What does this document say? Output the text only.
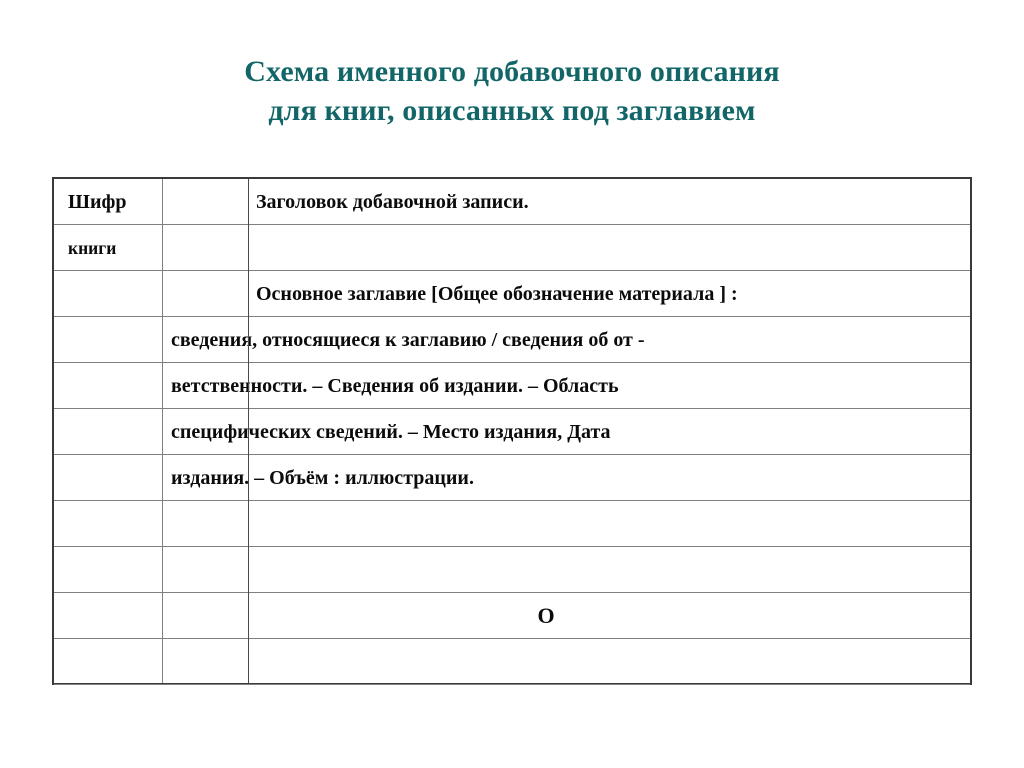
Схема именного добавочного описания
для книг, описанных под заглавием
Шифр	Заголовок добавочной записи.
книги
Основное заглавие [Общее обозначение материала ] :
сведения, относящиеся к заглавию / сведения об от -
ветственности. – Сведения об издании. – Область
специфических сведений. – Место издания, Дата
издания. – Объём : иллюстрации.
О
